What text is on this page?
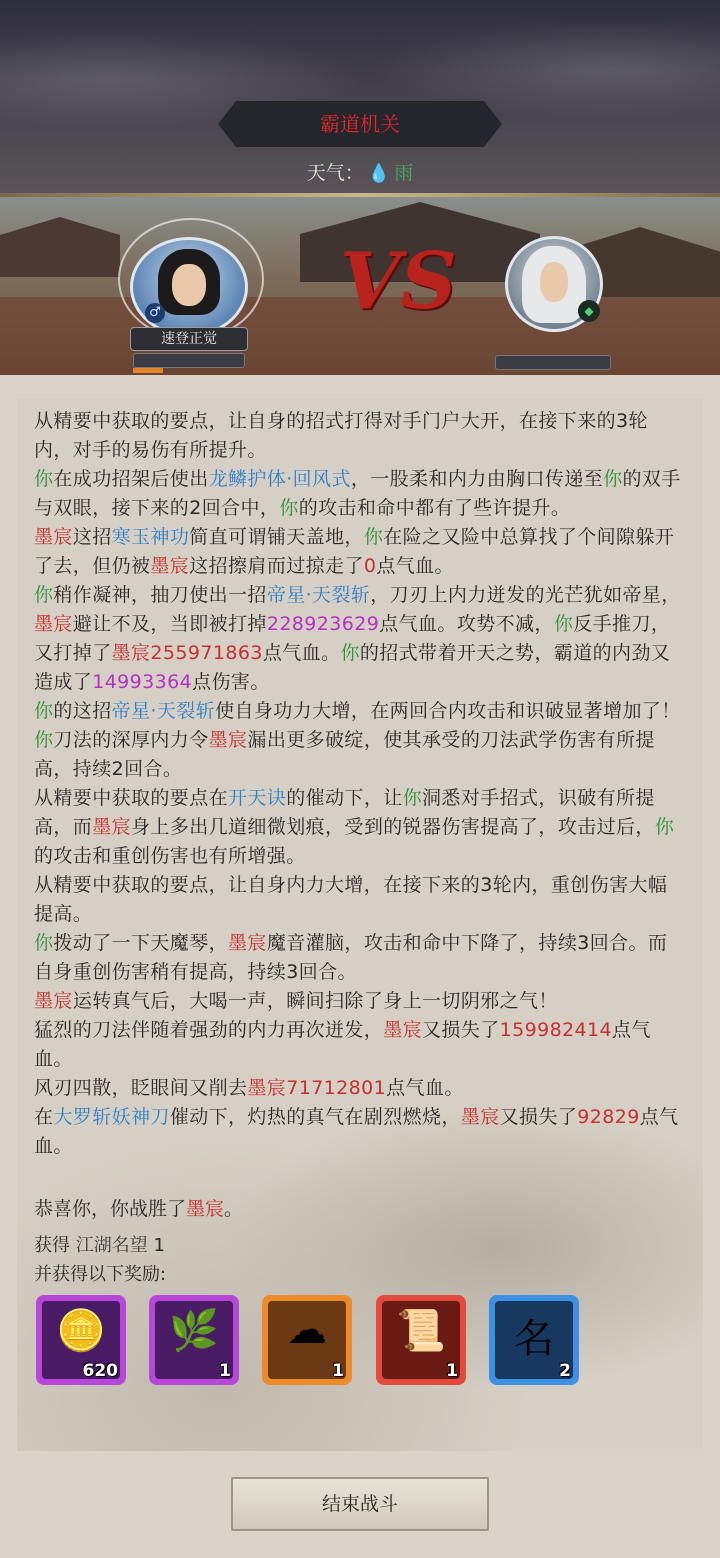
霸道机关
天气： 💧 雨
VS
♂
速登正觉
◆

从精要中获取的要点，让自身的招式打得对手门户大开，在接下来的3轮内，对手的易伤有所提升。

你在成功招架后使出龙鳞护体·回风式，一股柔和内力由胸口传递至你的双手与双眼，接下来的2回合中，你的攻击和命中都有了些许提升。

墨宸这招寒玉神功简直可谓铺天盖地，你在险之又险中总算找了个间隙躲开了去，但仍被墨宸这招擦肩而过掠走了0点气血。

你稍作凝神，抽刀使出一招帝星·天裂斩，刀刃上内力迸发的光芒犹如帝星，墨宸避让不及，当即被打掉228923629点气血。攻势不减，你反手推刀，又打掉了墨宸255971863点气血。你的招式带着开天之势，霸道的内劲又造成了14993364点伤害。

你的这招帝星·天裂斩使自身功力大增，在两回合内攻击和识破显著增加了！

你刀法的深厚内力令墨宸漏出更多破绽，使其承受的刀法武学伤害有所提高，持续2回合。

从精要中获取的要点在开天诀的催动下，让你洞悉对手招式，识破有所提高，而墨宸身上多出几道细微划痕，受到的锐器伤害提高了，攻击过后，你的攻击和重创伤害也有所增强。

从精要中获取的要点，让自身内力大增，在接下来的3轮内，重创伤害大幅提高。

你拨动了一下天魔琴，墨宸魔音灌脑，攻击和命中下降了，持续3回合。而自身重创伤害稍有提高，持续3回合。

墨宸运转真气后，大喝一声，瞬间扫除了身上一切阴邪之气！

猛烈的刀法伴随着强劲的内力再次迸发，墨宸又损失了159982414点气血。

风刃四散，眨眼间又削去墨宸71712801点气血。

在大罗斩妖神刀催动下，灼热的真气在剧烈燃烧，墨宸又损失了92829点气血。

恭喜你，你战胜了墨宸。
获得 江湖名望 1
并获得以下奖励:
🪙
620
🌿
1
☁
1
📜
1
名
2
结束战斗
